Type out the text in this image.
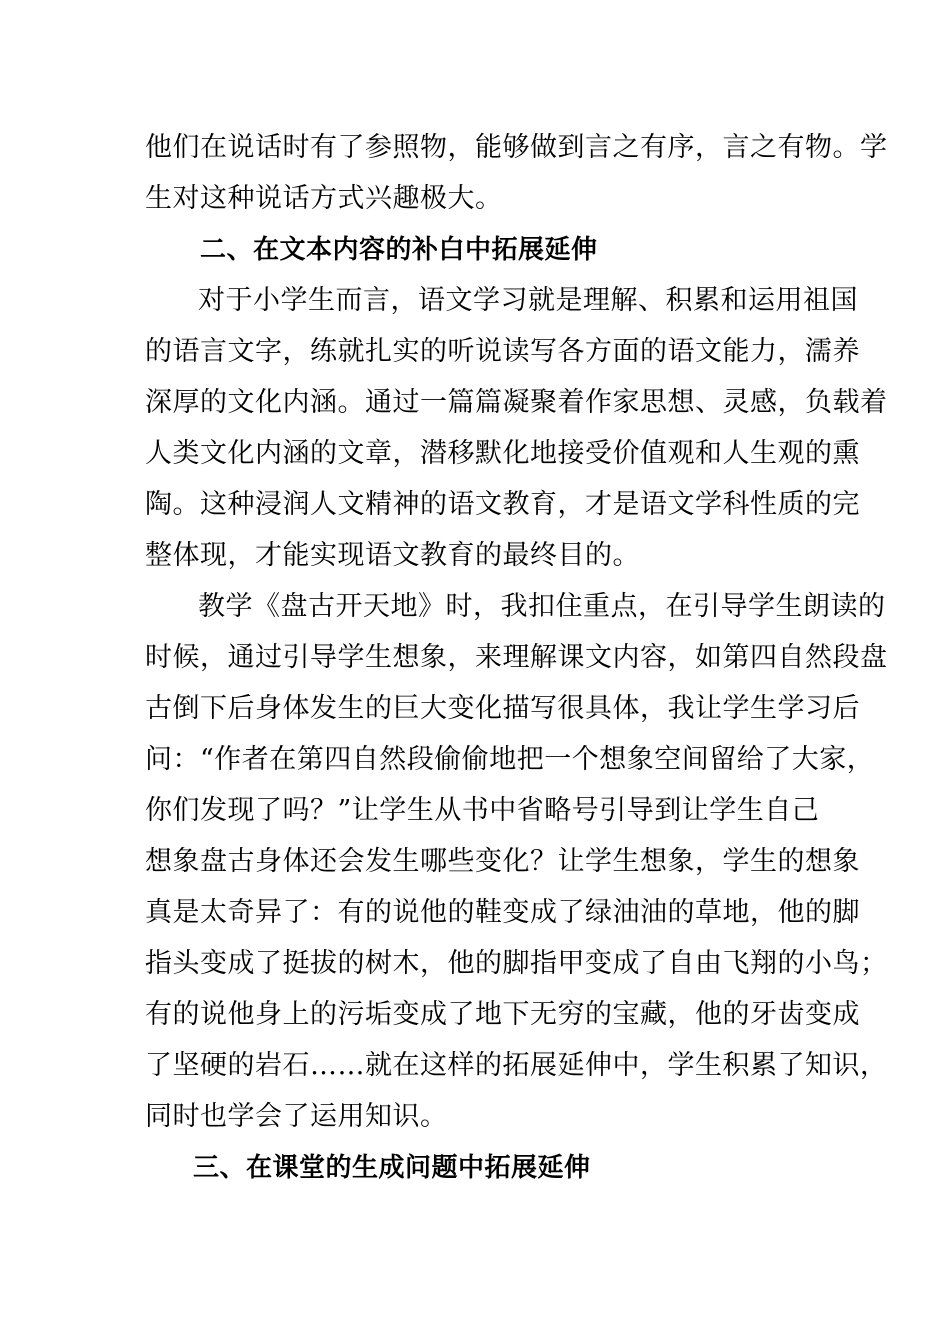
他们在说话时有了参照物，能够做到言之有序，言之有物。学
生对这种说话方式兴趣极大。
二、在文本内容的补白中拓展延伸
对于小学生而言，语文学习就是理解、积累和运用祖国
的语言文字，练就扎实的听说读写各方面的语文能力，濡养
深厚的文化内涵。通过一篇篇凝聚着作家思想、灵感，负载着
人类文化内涵的文章，潜移默化地接受价值观和人生观的熏
陶。这种浸润人文精神的语文教育，才是语文学科性质的完
整体现，才能实现语文教育的最终目的。
教学《盘古开天地》时，我扣住重点，在引导学生朗读的
时候，通过引导学生想象，来理解课文内容，如第四自然段盘
古倒下后身体发生的巨大变化描写很具体，我让学生学习后
问：“作者在第四自然段偷偷地把一个想象空间留给了大家，
你们发现了吗？”让学生从书中省略号引导到让学生自己
想象盘古身体还会发生哪些变化？让学生想象，学生的想象
真是太奇异了：有的说他的鞋变成了绿油油的草地，他的脚
指头变成了挺拔的树木，他的脚指甲变成了自由飞翔的小鸟；
有的说他身上的污垢变成了地下无穷的宝藏，他的牙齿变成
了坚硬的岩石……就在这样的拓展延伸中，学生积累了知识，
同时也学会了运用知识。
三、在课堂的生成问题中拓展延伸
